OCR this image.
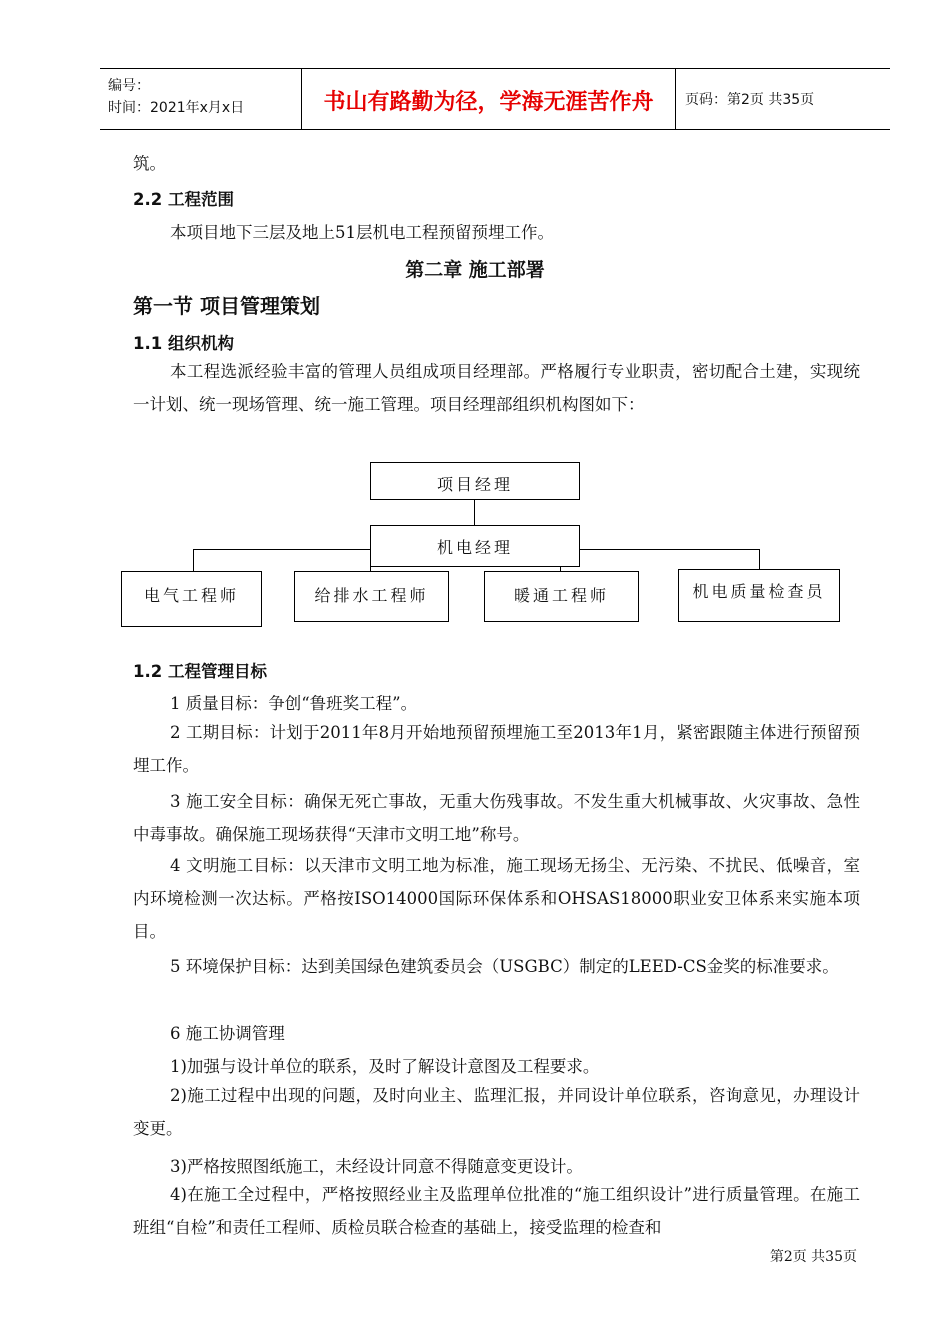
编号：
时间：2021年x月x日	书山有路勤为径，学海无涯苦作舟	页码：第2页 共35页
筑。
2.2 工程范围
本项目地下三层及地上51层机电工程预留预埋工作。
第二章 施工部署
第一节 项目管理策划
1.1 组织机构
本工程选派经验丰富的管理人员组成项目经理部。严格履行专业职责，密切配合土建，实现统一计划、统一现场管理、统一施工管理。项目经理部组织机构图如下：
项目经理
机电经理
电气工程师	给排水工程师	暖通工程师	机电质量检查员
1.2 工程管理目标
1 质量目标：争创“鲁班奖工程”。
2 工期目标：计划于2011年8月开始地预留预埋施工至2013年1月，紧密跟随主体进行预留预埋工作。
3 施工安全目标：确保无死亡事故，无重大伤残事故。不发生重大机械事故、火灾事故、急性中毒事故。确保施工现场获得“天津市文明工地”称号。
4 文明施工目标：以天津市文明工地为标准，施工现场无扬尘、无污染、不扰民、低噪音，室内环境检测一次达标。严格按ISO14000国际环保体系和OHSAS18000职业安卫体系来实施本项目。
5 环境保护目标：达到美国绿色建筑委员会（USGBC）制定的LEED-CS金奖的标准要求。
6 施工协调管理
1)加强与设计单位的联系，及时了解设计意图及工程要求。
2)施工过程中出现的问题，及时向业主、监理汇报，并同设计单位联系，咨询意见，办理设计变更。
3)严格按照图纸施工，未经设计同意不得随意变更设计。
4)在施工全过程中，严格按照经业主及监理单位批准的“施工组织设计”进行质量管理。在施工班组“自检”和责任工程师、质检员联合检查的基础上，接受监理的检查和
第2页 共35页
